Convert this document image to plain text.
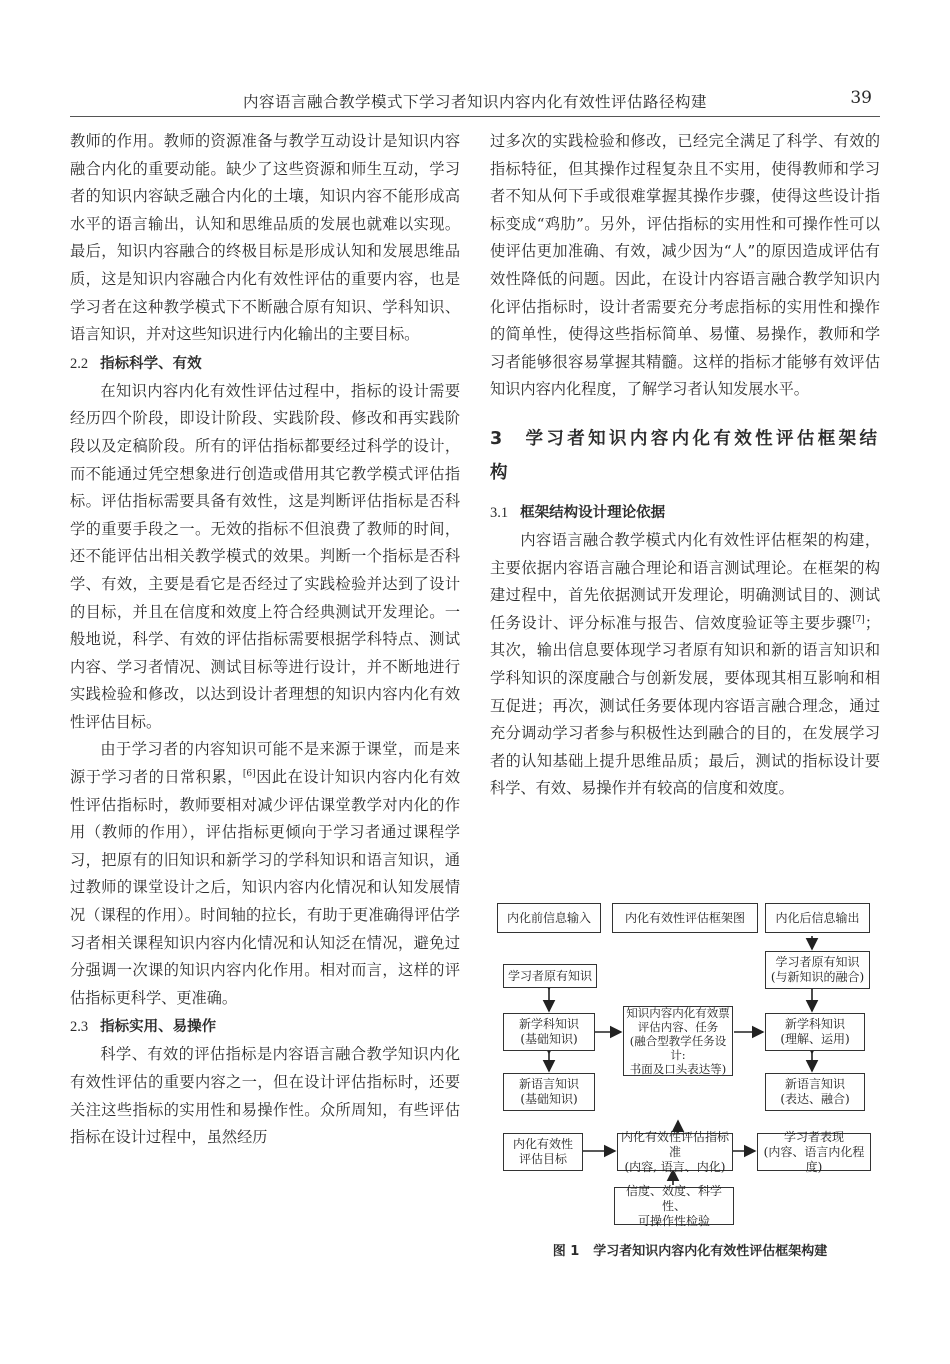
内容语言融合教学模式下学习者知识内容内化有效性评估路径构建	39

教师的作用。教师的资源准备与教学互动设计是知识内容融合内化的重要动能。缺少了这些资源和师生互动，学习者的知识内容缺乏融合内化的土壤，知识内容不能形成高水平的语言输出，认知和思维品质的发展也就难以实现。最后，知识内容融合的终极目标是形成认知和发展思维品质，这是知识内容融合内化有效性评估的重要内容，也是学习者在这种教学模式下不断融合原有知识、学科知识、语言知识，并对这些知识进行内化输出的主要目标。

2.2 指标科学、有效

在知识内容内化有效性评估过程中，指标的设计需要经历四个阶段，即设计阶段、实践阶段、修改和再实践阶段以及定稿阶段。所有的评估指标都要经过科学的设计，而不能通过凭空想象进行创造或借用其它教学模式评估指标。评估指标需要具备有效性，这是判断评估指标是否科学的重要手段之一。无效的指标不但浪费了教师的时间，还不能评估出相关教学模式的效果。判断一个指标是否科学、有效，主要是看它是否经过了实践检验并达到了设计的目标，并且在信度和效度上符合经典测试开发理论。一般地说，科学、有效的评估指标需要根据学科特点、测试内容、学习者情况、测试目标等进行设计，并不断地进行实践检验和修改，以达到设计者理想的知识内容内化有效性评估目标。

由于学习者的内容知识可能不是来源于课堂，而是来源于学习者的日常积累，[6]因此在设计知识内容内化有效性评估指标时，教师要相对减少评估课堂教学对内化的作用（教师的作用），评估指标更倾向于学习者通过课程学习，把原有的旧知识和新学习的学科知识和语言知识，通过教师的课堂设计之后，知识内容内化情况和认知发展情况（课程的作用）。时间轴的拉长，有助于更准确得评估学习者相关课程知识内容内化情况和认知泛在情况，避免过分强调一次课的知识内容内化作用。相对而言，这样的评估指标更科学、更准确。

2.3 指标实用、易操作

科学、有效的评估指标是内容语言融合教学知识内化有效性评估的重要内容之一，但在设计评估指标时，还要关注这些指标的实用性和易操作性。众所周知，有些评估指标在设计过程中，虽然经历

过多次的实践检验和修改，已经完全满足了科学、有效的指标特征，但其操作过程复杂且不实用，使得教师和学习者不知从何下手或很难掌握其操作步骤，使得这些设计指标变成“鸡肋”。另外，评估指标的实用性和可操作性可以使评估更加准确、有效，减少因为“人”的原因造成评估有效性降低的问题。因此，在设计内容语言融合教学知识内化评估指标时，设计者需要充分考虑指标的实用性和操作的简单性，使得这些指标简单、易懂、易操作，教师和学习者能够很容易掌握其精髓。这样的指标才能够有效评估知识内容内化程度，了解学习者认知发展水平。

3 学习者知识内容内化有效性评估框架结构
3.1 框架结构设计理论依据

内容语言融合教学模式内化有效性评估框架的构建，主要依据内容语言融合理论和语言测试理论。在框架的构建过程中，首先依据测试开发理论，明确测试目的、测试任务设计、评分标准与报告、信效度验证等主要步骤[7]；其次，输出信息要体现学习者原有知识和新的语言知识和学科知识的深度融合与创新发展，要体现其相互影响和相互促进；再次，测试任务要体现内容语言融合理念，通过充分调动学习者参与积极性达到融合的目的，在发展学习者的认知基础上提升思维品质；最后，测试的指标设计要科学、有效、易操作并有较高的信度和效度。

内化前信息输入	内化有效性评估框架图	内化后信息输出
学习者原有知识
新学科知识
(基础知识)
新语言知识
(基础知识)
知识内容内化有效票
评估内容、任务
(融合型教学任务设计:
书面及口头表达等)
学习者原有知识
(与新知识的融合)
新学科知识
(理解、运用)
新语言知识
(表达、融合)
内化有效性
评估目标
内化有效性评估指标准
(内容, 语言、内化)
学习者表现
(内容、语言内化程度)
信度、效度、科学性、
可操作性检验
图 1 学习者知识内容内化有效性评估框架构建
